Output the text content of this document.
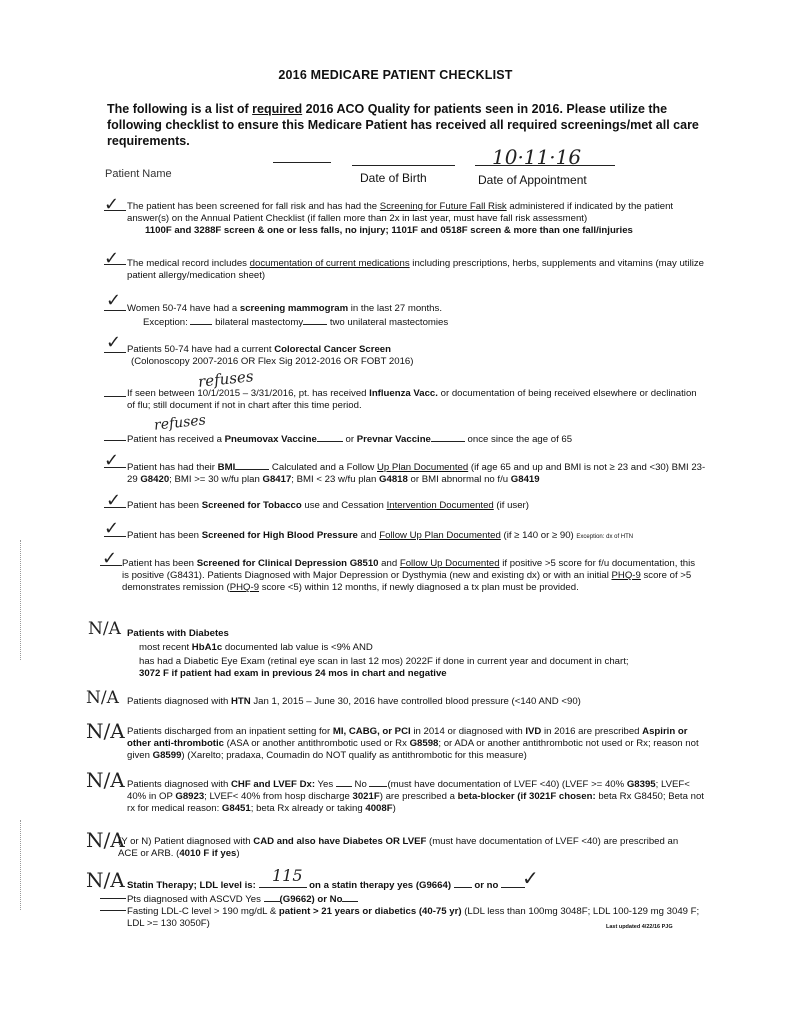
2016 MEDICARE PATIENT CHECKLIST
The following is a list of required 2016 ACO Quality for patients seen in 2016. Please utilize the following checklist to ensure this Medicare Patient has received all required screenings/met all care requirements.
Patient Name	Date of Birth
10·11·16
Date of Appointment
✓ The patient has been screened for fall risk and has had the Screening for Future Fall Risk administered if indicated by the patient answer(s) on the Annual Patient Checklist (if fallen more than 2x in last year, must have fall risk assessment)
1100F and 3288F screen & one or less falls, no injury; 1101F and 0518F screen & more than one fall/injuries
✓ The medical record includes documentation of current medications including prescriptions, herbs, supplements and vitamins (may utilize patient allergy/medication sheet)
✓ Women 50-74 have had a screening mammogram in the last 27 months.
Exception:	bilateral mastectomy	two unilateral mastectomies
✓ Patients 50-74 have had a current Colorectal Cancer Screen
(Colonoscopy 2007-2016 OR Flex Sig 2012-2016 OR FOBT 2016)
refuses
If seen between 10/1/2015 – 3/31/2016, pt. has received Influenza Vacc. or documentation of being received elsewhere or declination of flu; still document if not in chart after this time period.
refuses
Patient has received a Pneumovax Vaccine	or Prevnar Vaccine	once since the age of 65
✓ Patient has had their BMI	Calculated and a Follow Up Plan Documented (if age 65 and up and BMI is not ≥ 23 and <30) BMI 23-29 G8420; BMI >= 30 w/fu plan G8417; BMI < 23 w/fu plan G4818 or BMI abnormal no f/u G8419
✓ Patient has been Screened for Tobacco use and Cessation Intervention Documented (if user)
✓ Patient has been Screened for High Blood Pressure and Follow Up Plan Documented (if ≥ 140 or ≥ 90) Exception: dx of HTN
✓ Patient has been Screened for Clinical Depression G8510 and Follow Up Documented if positive >5 score for f/u documentation, this is positive (G8431). Patients Diagnosed with Major Depression or Dysthymia (new and existing dx) or with an initial PHQ-9 score of >5 demonstrates remission (PHQ-9 score <5) within 12 months, if newly diagnosed a tx plan must be provided.
N/A Patients with Diabetes
most recent HbA1c documented lab value is <9% AND
has had a Diabetic Eye Exam (retinal eye scan in last 12 mos) 2022F if done in current year and document in chart;
3072 F if patient had exam in previous 24 mos in chart and negative
N/A Patients diagnosed with HTN Jan 1, 2015 – June 30, 2016 have controlled blood pressure (<140 AND <90)
N/A Patients discharged from an inpatient setting for MI, CABG, or PCI in 2014 or diagnosed with IVD in 2016 are prescribed Aspirin or other anti-thrombotic (ASA or another antithrombotic used or Rx G8598; or ADA or another antithrombotic not used or Rx; reason not given G8599) (Xarelto; pradaxa, Coumadin do NOT qualify as antithrombotic for this measure)
N/A Patients diagnosed with CHF and LVEF Dx: Yes  No (must have documentation of LVEF <40) (LVEF >= 40% G8395; LVEF< 40% in OP G8923; LVEF< 40% from hosp discharge 3021F) are prescribed a beta-blocker (if 3021F chosen: beta Rx G8450; Beta not rx for medical reason: G8451; beta Rx already or taking 4008F)
N/A
(Y or N) Patient diagnosed with CAD and also have Diabetes OR LVEF (must have documentation of LVEF <40) are prescribed an ACE or ARB. (4010 F if yes)
N/A	115	✓
Statin Therapy; LDL level is:	on a statin therapy yes (G9664)  or no
Pts diagnosed with ASCVD Yes (G9662) or No
Fasting LDL-C level > 190 mg/dL & patient > 21 years or diabetics (40-75 yr) (LDL less than 100mg 3048F; LDL 100-129 mg 3049 F; LDL >= 130 3050F)	Last updated 4/22/16 PJG
